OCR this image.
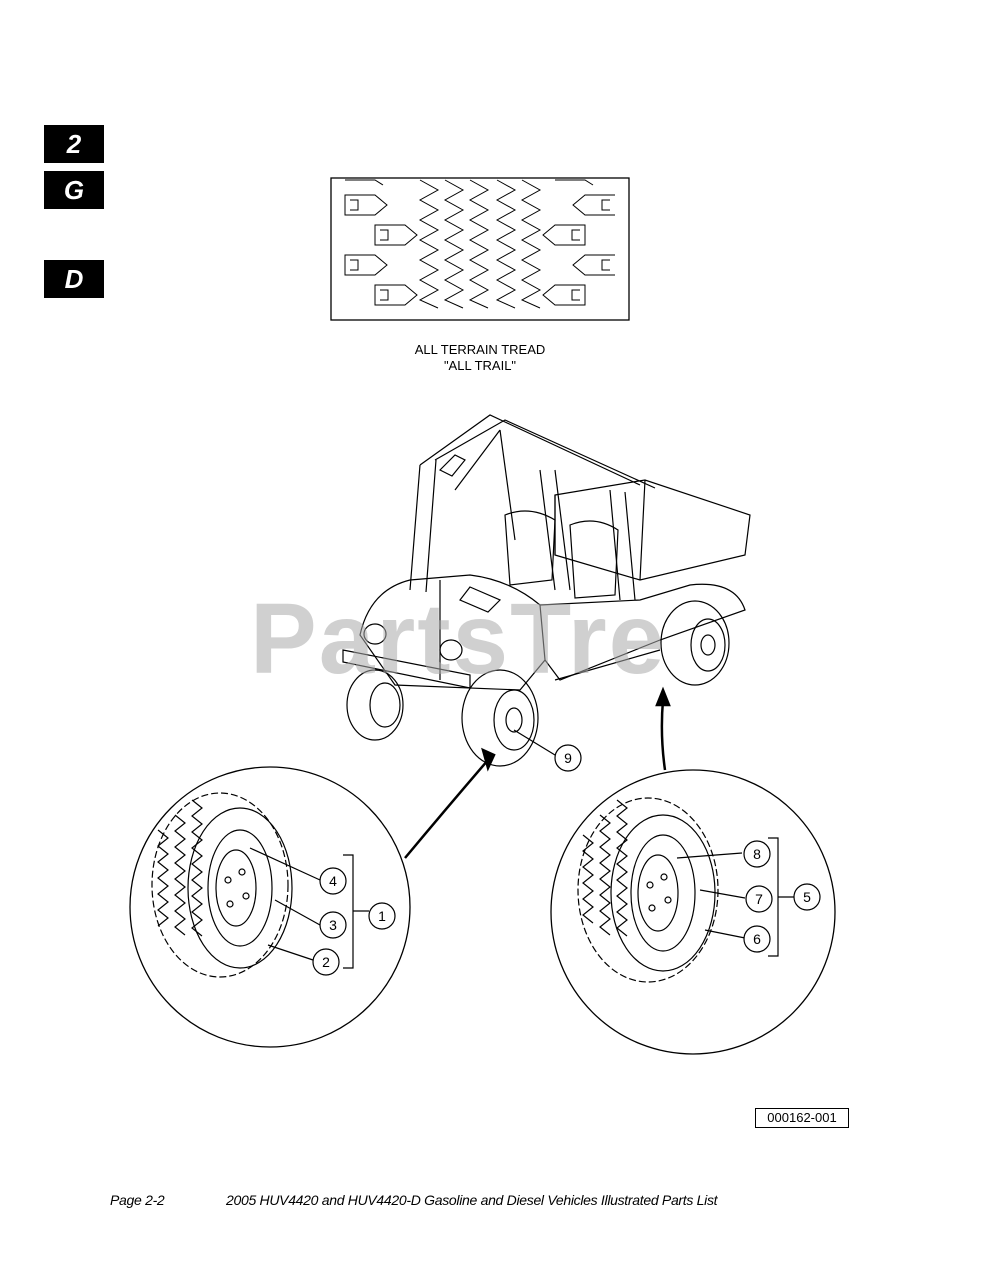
2
G
D
9
4
3
2
1
8
7
6
5
ALL TERRAIN TREAD
"ALL TRAIL"
PartsTre
000162-001
Page 2-2	2005 HUV4420 and HUV4420-D Gasoline and Diesel Vehicles Illustrated Parts List
